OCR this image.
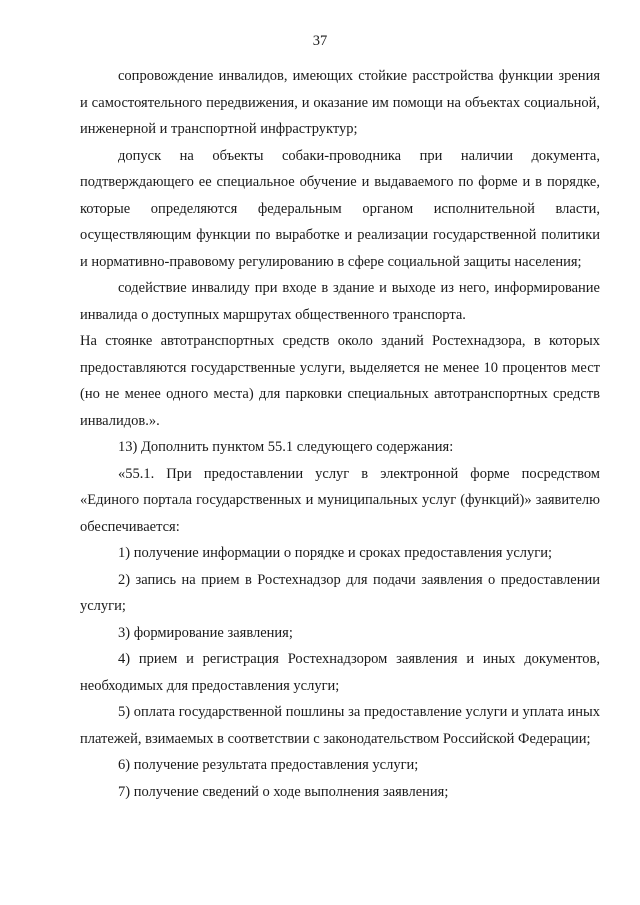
37

сопровождение инвалидов, имеющих стойкие расстройства функции зрения и самостоятельного передвижения, и оказание им помощи на объектах социальной, инженерной и транспортной инфраструктур;

допуск на объекты собаки-проводника при наличии документа, подтверждающего ее специальное обучение и выдаваемого по форме и в порядке, которые определяются федеральным органом исполнительной власти, осуществляющим функции по выработке и реализации государственной политики и нормативно-правовому регулированию в сфере социальной защиты населения;

содействие инвалиду при входе в здание и выходе из него, информирование инвалида о доступных маршрутах общественного транспорта.

На стоянке автотранспортных средств около зданий Ростехнадзора, в которых предоставляются государственные услуги, выделяется не менее 10 процентов мест (но не менее одного места) для парковки специальных автотранспортных средств инвалидов.».

13) Дополнить пунктом 55.1 следующего содержания:

«55.1. При предоставлении услуг в электронной форме посредством «Единого портала государственных и муниципальных услуг (функций)» заявителю обеспечивается:

1) получение информации о порядке и сроках предоставления услуги;

2) запись на прием в Ростехнадзор для подачи заявления о предоставлении услуги;

3) формирование заявления;

4) прием и регистрация Ростехнадзором заявления и иных документов, необходимых для предоставления услуги;

5) оплата государственной пошлины за предоставление услуги и уплата иных платежей, взимаемых в соответствии с законодательством Российской Федерации;

6) получение результата предоставления услуги;

7) получение сведений о ходе выполнения заявления;
